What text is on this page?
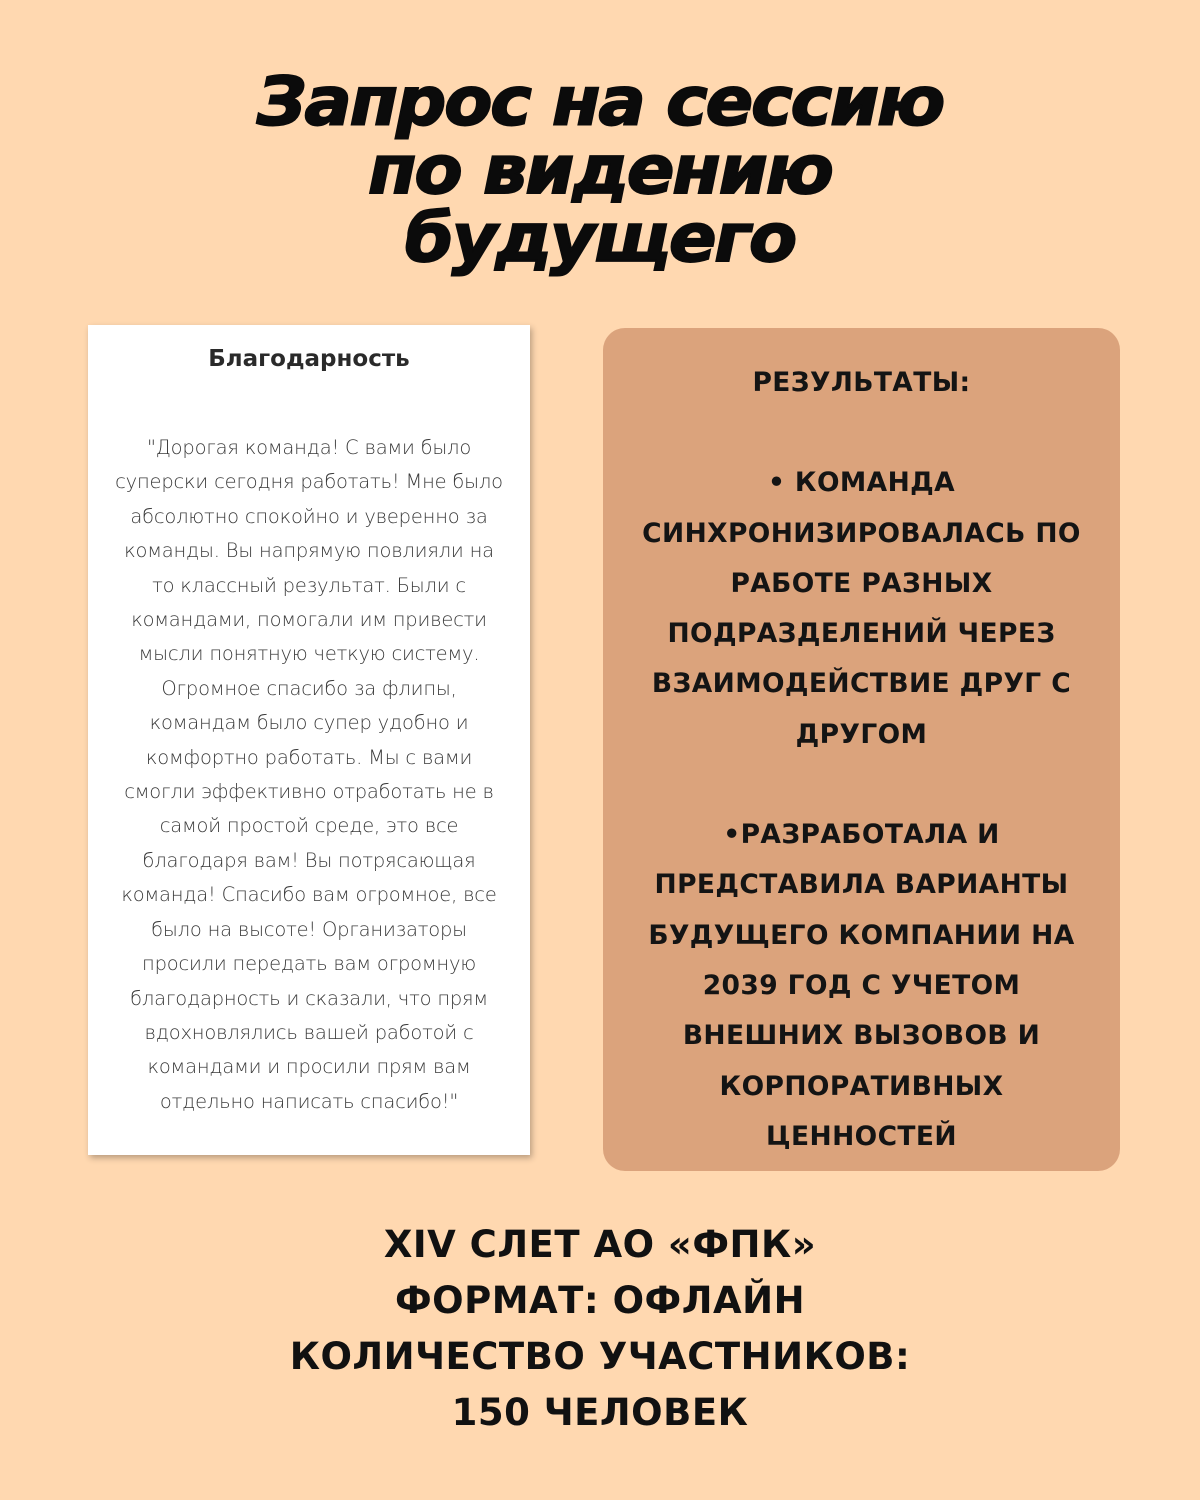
Запрос на сессию
по видению
будущего

Благодарность

"Дорогая команда! С вами было суперски сегодня работать! Мне было абсолютно спокойно и уверенно за команды. Вы напрямую повлияли на то классный результат. Были с командами, помогали им привести мысли понятную четкую систему. Огромное спасибо за флипы, командам было супер удобно и комфортно работать. Мы с вами смогли эффективно отработать не в самой простой среде, это все благодаря вам! Вы потрясающая команда! Спасибо вам огромное, все было на высоте! Организаторы просили передать вам огромную благодарность и сказали, что прям вдохновлялись вашей работой с командами и просили прям вам отдельно написать спасибо!"
РЕЗУЛЬТАТЫ:
• КОМАНДА СИНХРОНИЗИРОВАЛАСЬ ПО РАБОТЕ РАЗНЫХ ПОДРАЗДЕЛЕНИЙ ЧЕРЕЗ ВЗАИМОДЕЙСТВИЕ ДРУГ С ДРУГОМ
•РАЗРАБОТАЛА И ПРЕДСТАВИЛА ВАРИАНТЫ БУДУЩЕГО КОМПАНИИ НА 2039 ГОД С УЧЕТОМ ВНЕШНИХ ВЫЗОВОВ И КОРПОРАТИВНЫХ ЦЕННОСТЕЙ
XIV СЛЕТ АО «ФПК»
ФОРМАТ: ОФЛАЙН
КОЛИЧЕСТВО УЧАСТНИКОВ:
150 ЧЕЛОВЕК
